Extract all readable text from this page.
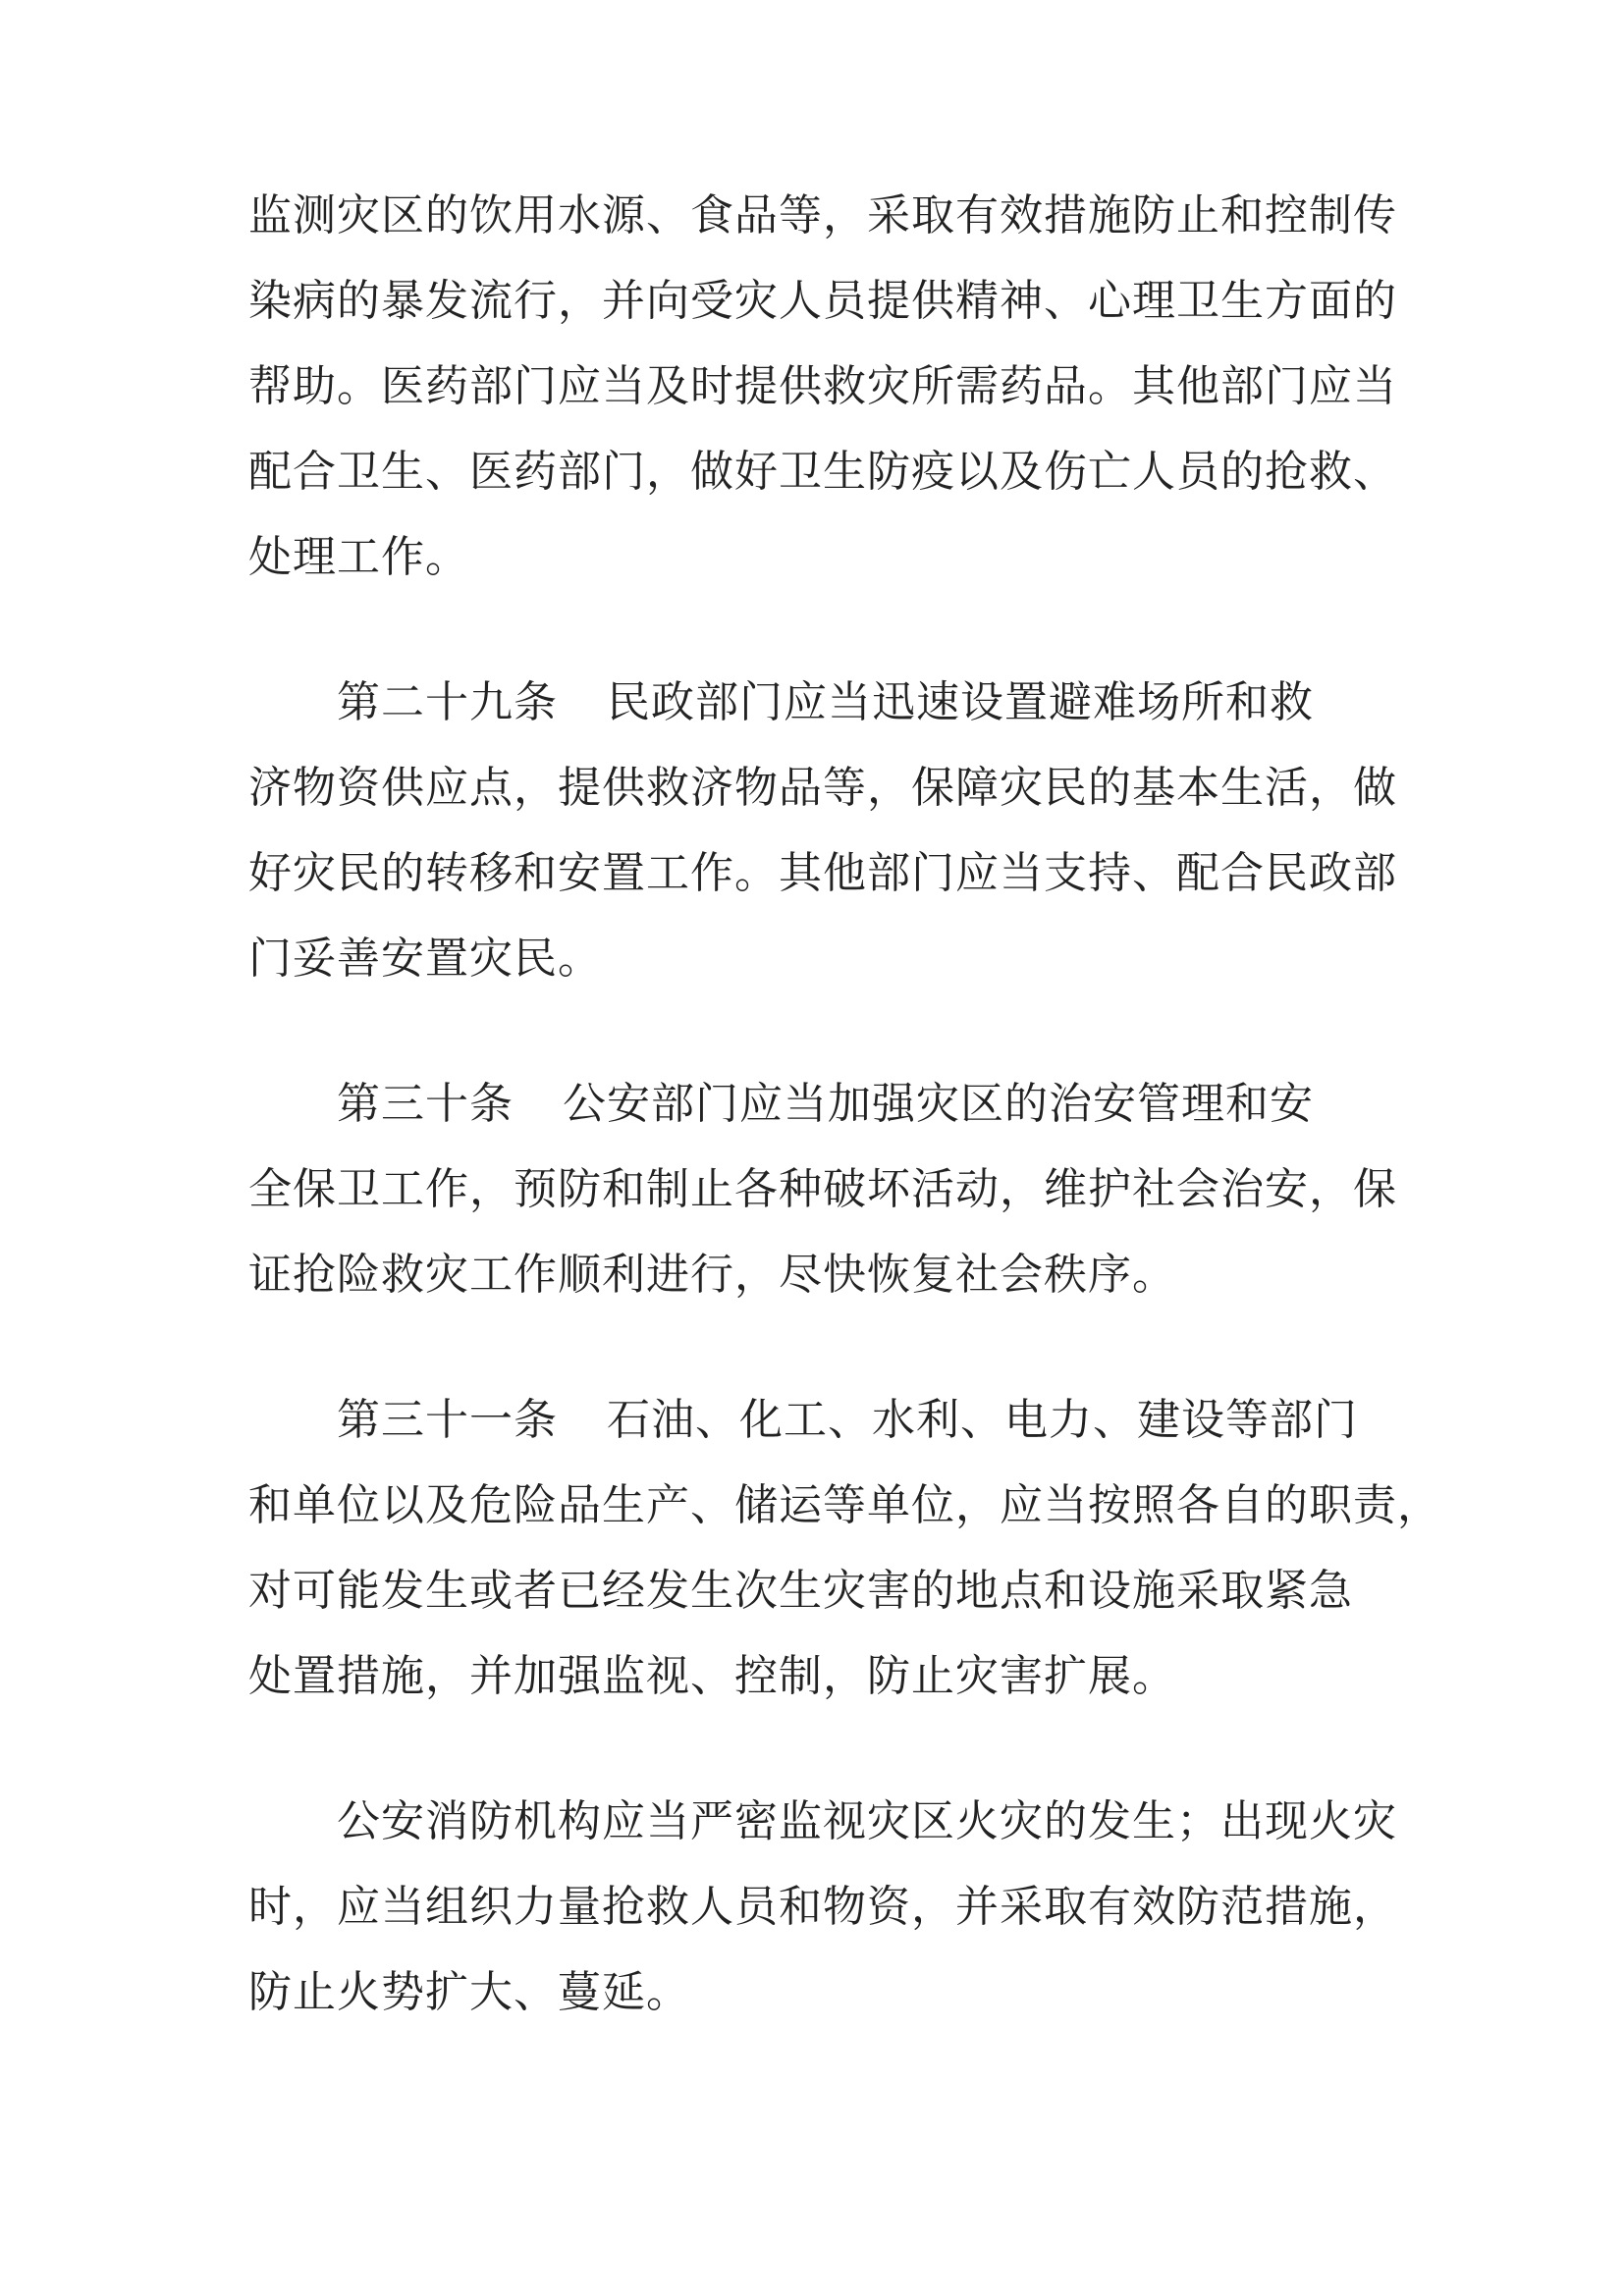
监测灾区的饮用水源、食品等，采取有效措施防止和控制传
染病的暴发流行，并向受灾人员提供精神、心理卫生方面的
帮助。医药部门应当及时提供救灾所需药品。其他部门应当
配合卫生、医药部门，做好卫生防疫以及伤亡人员的抢救、
处理工作。
第二十九条 民政部门应当迅速设置避难场所和救
济物资供应点，提供救济物品等，保障灾民的基本生活，做
好灾民的转移和安置工作。其他部门应当支持、配合民政部
门妥善安置灾民。
第三十条 公安部门应当加强灾区的治安管理和安
全保卫工作，预防和制止各种破坏活动，维护社会治安，保
证抢险救灾工作顺利进行，尽快恢复社会秩序。
第三十一条 石油、化工、水利、电力、建设等部门
和单位以及危险品生产、储运等单位，应当按照各自的职责，
对可能发生或者已经发生次生灾害的地点和设施采取紧急
处置措施，并加强监视、控制，防止灾害扩展。
公安消防机构应当严密监视灾区火灾的发生；出现火灾
时，应当组织力量抢救人员和物资，并采取有效防范措施，
防止火势扩大、蔓延。
